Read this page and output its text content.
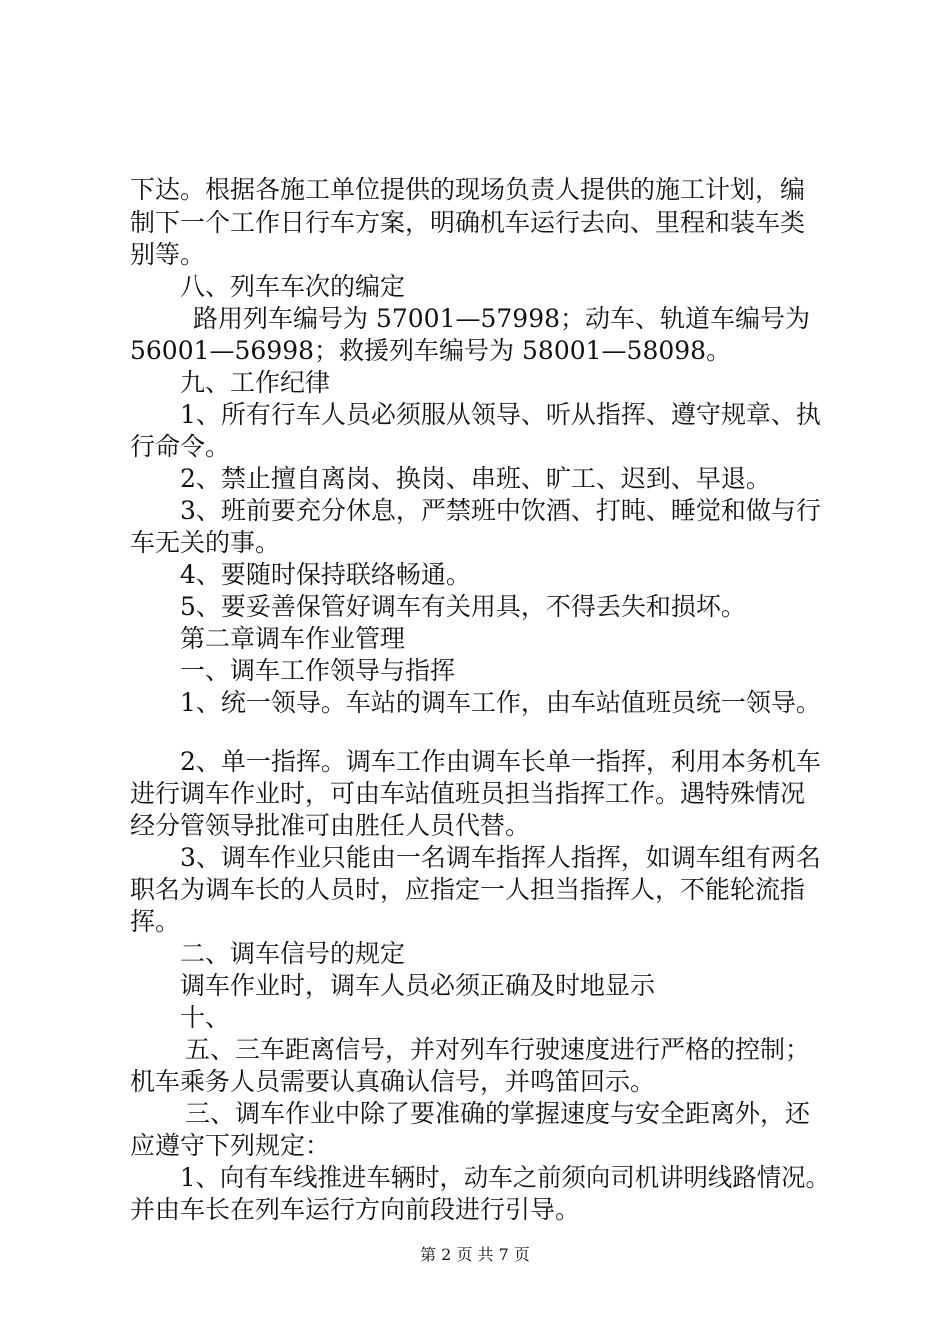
下达。根据各施工单位提供的现场负责人提供的施工计划，编
制下一个工作日行车方案，明确机车运行去向、里程和装车类
别等。
八、列车车次的编定
路用列车编号为 57001—57998；动车、轨道车编号为
56001—56998；救援列车编号为 58001—58098。
九、工作纪律
1、所有行车人员必须服从领导、听从指挥、遵守规章、执
行命令。
2、禁止擅自离岗、换岗、串班、旷工、迟到、早退。
3、班前要充分休息，严禁班中饮酒、打盹、睡觉和做与行
车无关的事。
4、要随时保持联络畅通。
5、要妥善保管好调车有关用具，不得丢失和损坏。
第二章调车作业管理
一、调车工作领导与指挥
1、统一领导。车站的调车工作，由车站值班员统一领导。
2、单一指挥。调车工作由调车长单一指挥，利用本务机车
进行调车作业时，可由车站值班员担当指挥工作。遇特殊情况
经分管领导批准可由胜任人员代替。
3、调车作业只能由一名调车指挥人指挥，如调车组有两名
职名为调车长的人员时，应指定一人担当指挥人，不能轮流指
挥。
二、调车信号的规定
调车作业时，调车人员必须正确及时地显示
十、
五、三车距离信号，并对列车行驶速度进行严格的控制；
机车乘务人员需要认真确认信号，并鸣笛回示。
三、调车作业中除了要准确的掌握速度与安全距离外，还
应遵守下列规定：
1、向有车线推进车辆时，动车之前须向司机讲明线路情况。
并由车长在列车运行方向前段进行引导。
第 2 页 共 7 页
